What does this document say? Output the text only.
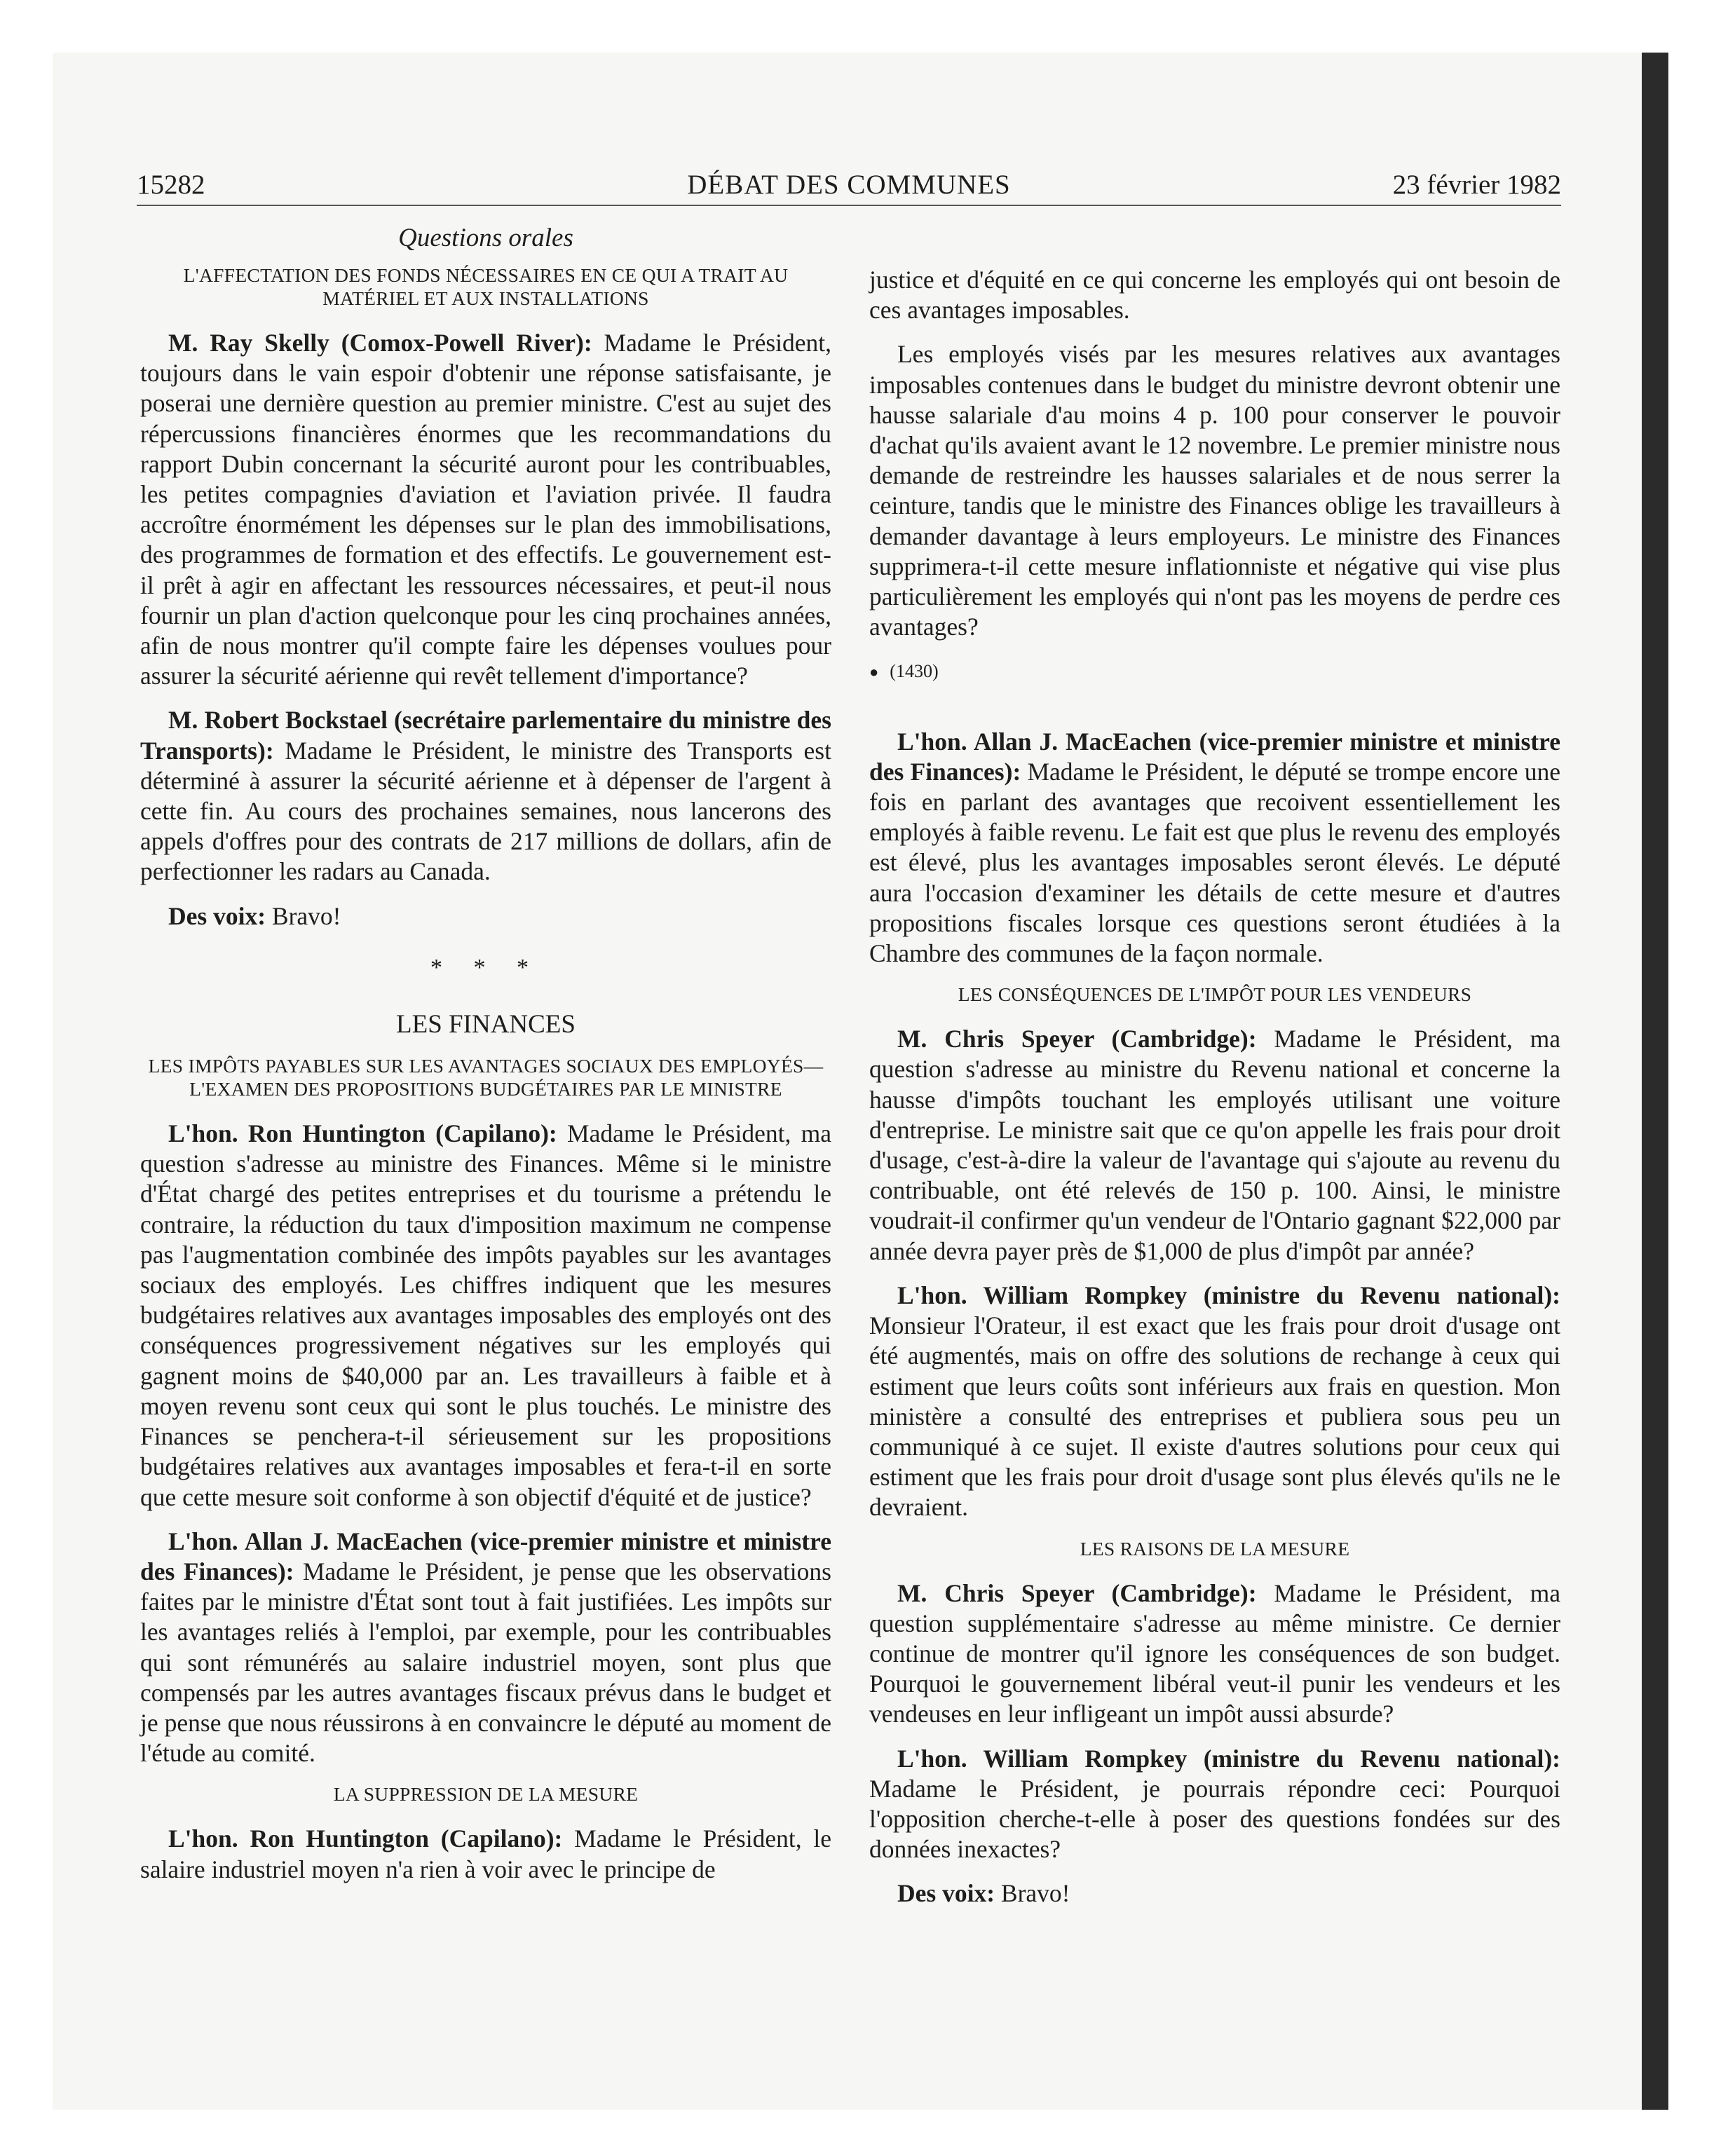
15282	DÉBAT DES COMMUNES	23 février 1982
Questions orales
L'AFFECTATION DES FONDS NÉCESSAIRES EN CE QUI A TRAIT AU MATÉRIEL ET AUX INSTALLATIONS

M. Ray Skelly (Comox-Powell River): Madame le Président, toujours dans le vain espoir d'obtenir une réponse satisfaisante, je poserai une dernière question au premier ministre. C'est au sujet des répercussions financières énormes que les recommandations du rapport Dubin concernant la sécurité auront pour les contribuables, les petites compagnies d'aviation et l'aviation privée. Il faudra accroître énormément les dépenses sur le plan des immobilisations, des programmes de formation et des effectifs. Le gouvernement est-il prêt à agir en affectant les ressources nécessaires, et peut-il nous fournir un plan d'action quelconque pour les cinq prochaines années, afin de nous montrer qu'il compte faire les dépenses voulues pour assurer la sécurité aérienne qui revêt tellement d'importance?

M. Robert Bockstael (secrétaire parlementaire du ministre des Transports): Madame le Président, le ministre des Transports est déterminé à assurer la sécurité aérienne et à dépenser de l'argent à cette fin. Au cours des prochaines semaines, nous lancerons des appels d'offres pour des contrats de 217 millions de dollars, afin de perfectionner les radars au Canada.

Des voix: Bravo!

* * *
LES FINANCES
LES IMPÔTS PAYABLES SUR LES AVANTAGES SOCIAUX DES EMPLOYÉS—L'EXAMEN DES PROPOSITIONS BUDGÉTAIRES PAR LE MINISTRE

L'hon. Ron Huntington (Capilano): Madame le Président, ma question s'adresse au ministre des Finances. Même si le ministre d'État chargé des petites entreprises et du tourisme a prétendu le contraire, la réduction du taux d'imposition maximum ne compense pas l'augmentation combinée des impôts payables sur les avantages sociaux des employés. Les chiffres indiquent que les mesures budgétaires relatives aux avantages imposables des employés ont des conséquences progressivement négatives sur les employés qui gagnent moins de $40,000 par an. Les travailleurs à faible et à moyen revenu sont ceux qui sont le plus touchés. Le ministre des Finances se penchera-t-il sérieusement sur les propositions budgétaires relatives aux avantages imposables et fera-t-il en sorte que cette mesure soit conforme à son objectif d'équité et de justice?

L'hon. Allan J. MacEachen (vice-premier ministre et ministre des Finances): Madame le Président, je pense que les observations faites par le ministre d'État sont tout à fait justifiées. Les impôts sur les avantages reliés à l'emploi, par exemple, pour les contribuables qui sont rémunérés au salaire industriel moyen, sont plus que compensés par les autres avantages fiscaux prévus dans le budget et je pense que nous réussirons à en convaincre le député au moment de l'étude au comité.

LA SUPPRESSION DE LA MESURE

L'hon. Ron Huntington (Capilano): Madame le Président, le salaire industriel moyen n'a rien à voir avec le principe de

justice et d'équité en ce qui concerne les employés qui ont besoin de ces avantages imposables.

Les employés visés par les mesures relatives aux avantages imposables contenues dans le budget du ministre devront obtenir une hausse salariale d'au moins 4 p. 100 pour conserver le pouvoir d'achat qu'ils avaient avant le 12 novembre. Le premier ministre nous demande de restreindre les hausses salariales et de nous serrer la ceinture, tandis que le ministre des Finances oblige les travailleurs à demander davantage à leurs employeurs. Le ministre des Finances supprimera-t-il cette mesure inflationniste et négative qui vise plus particulièrement les employés qui n'ont pas les moyens de perdre ces avantages?

● (1430)

L'hon. Allan J. MacEachen (vice-premier ministre et ministre des Finances): Madame le Président, le député se trompe encore une fois en parlant des avantages que recoivent essentiellement les employés à faible revenu. Le fait est que plus le revenu des employés est élevé, plus les avantages imposables seront élevés. Le député aura l'occasion d'examiner les détails de cette mesure et d'autres propositions fiscales lorsque ces questions seront étudiées à la Chambre des communes de la façon normale.

LES CONSÉQUENCES DE L'IMPÔT POUR LES VENDEURS

M. Chris Speyer (Cambridge): Madame le Président, ma question s'adresse au ministre du Revenu national et concerne la hausse d'impôts touchant les employés utilisant une voiture d'entreprise. Le ministre sait que ce qu'on appelle les frais pour droit d'usage, c'est-à-dire la valeur de l'avantage qui s'ajoute au revenu du contribuable, ont été relevés de 150 p. 100. Ainsi, le ministre voudrait-il confirmer qu'un vendeur de l'Ontario gagnant $22,000 par année devra payer près de $1,000 de plus d'impôt par année?

L'hon. William Rompkey (ministre du Revenu national): Monsieur l'Orateur, il est exact que les frais pour droit d'usage ont été augmentés, mais on offre des solutions de rechange à ceux qui estiment que leurs coûts sont inférieurs aux frais en question. Mon ministère a consulté des entreprises et publiera sous peu un communiqué à ce sujet. Il existe d'autres solutions pour ceux qui estiment que les frais pour droit d'usage sont plus élevés qu'ils ne le devraient.

LES RAISONS DE LA MESURE

M. Chris Speyer (Cambridge): Madame le Président, ma question supplémentaire s'adresse au même ministre. Ce dernier continue de montrer qu'il ignore les conséquences de son budget. Pourquoi le gouvernement libéral veut-il punir les vendeurs et les vendeuses en leur infligeant un impôt aussi absurde?

L'hon. William Rompkey (ministre du Revenu national): Madame le Président, je pourrais répondre ceci: Pourquoi l'opposition cherche-t-elle à poser des questions fondées sur des données inexactes?

Des voix: Bravo!
